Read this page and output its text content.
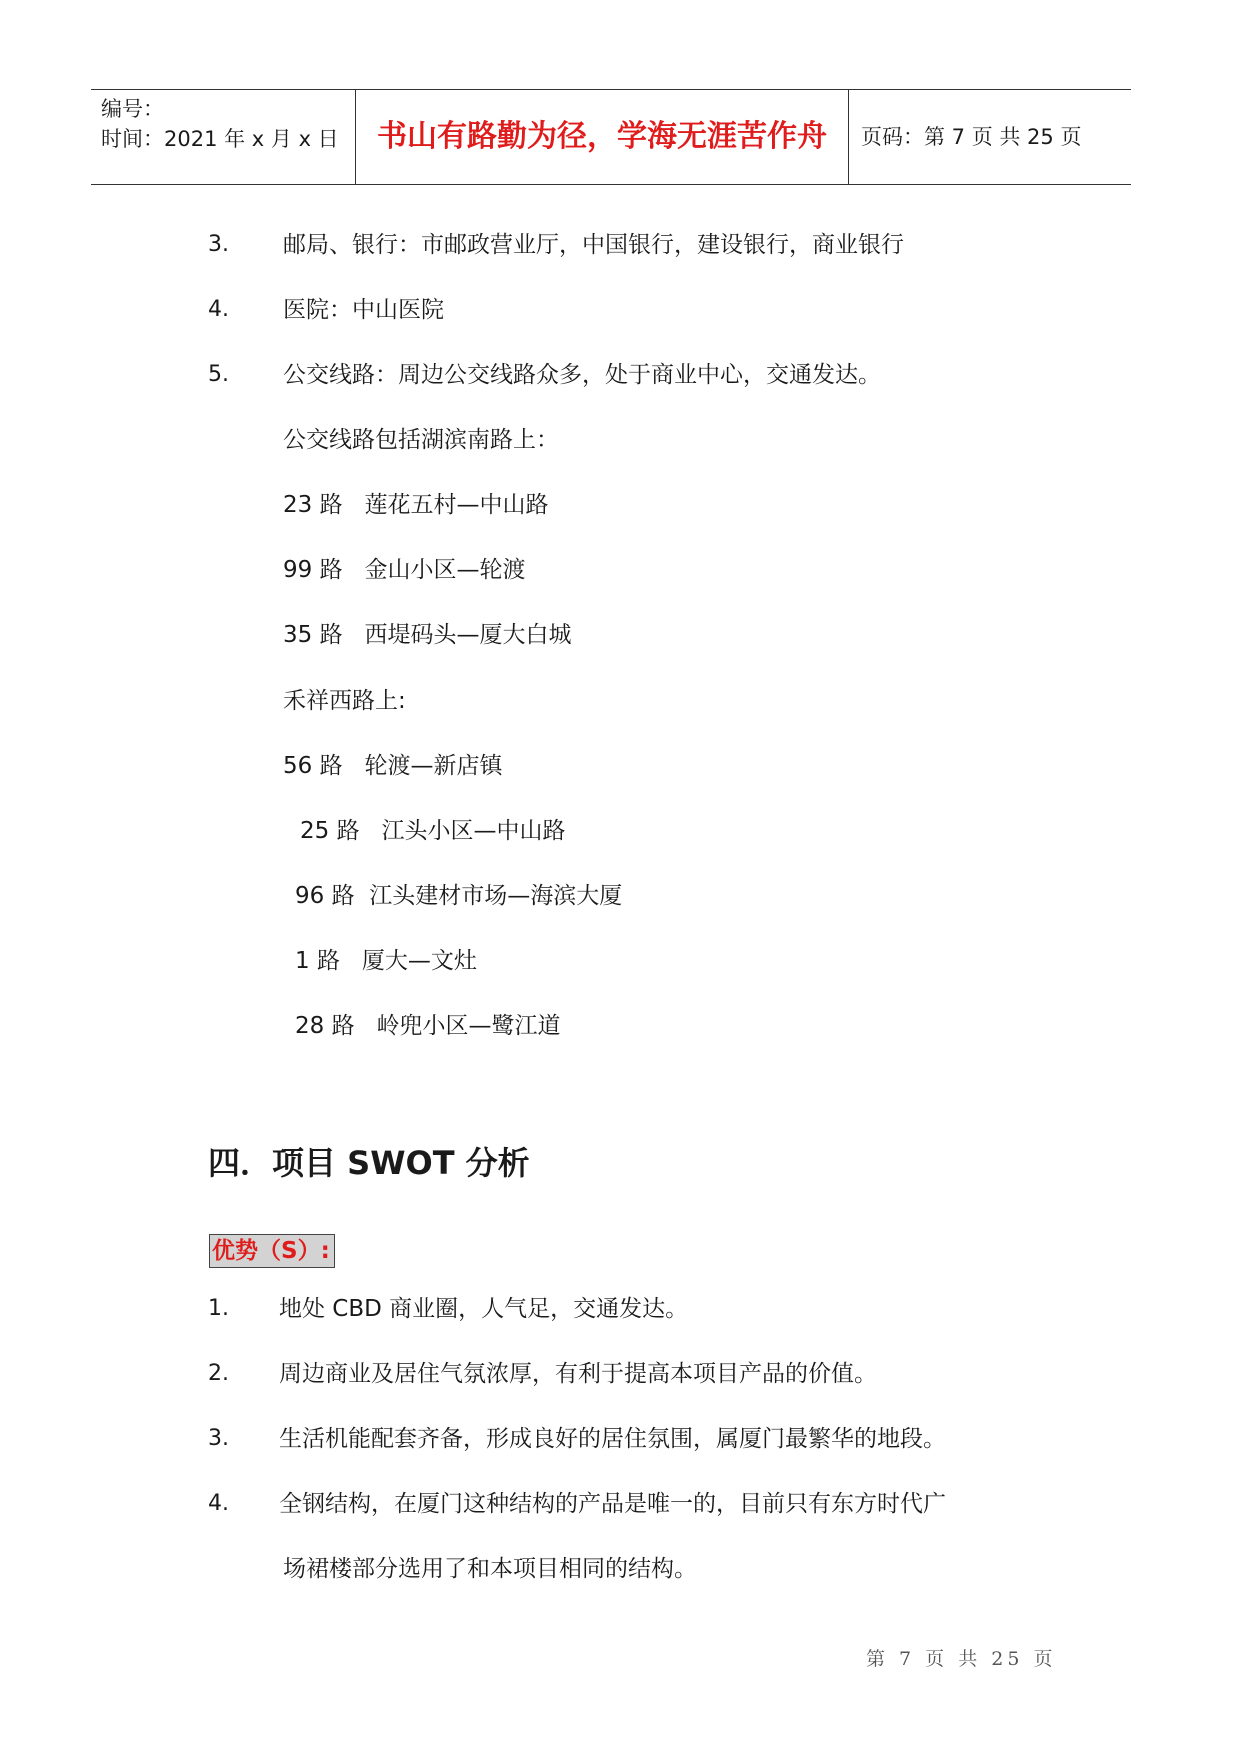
编号：
时间：2021 年 x 月 x 日	书山有路勤为径，学海无涯苦作舟	页码：第 7 页 共 25 页
3. 邮局、银行：市邮政营业厅，中国银行，建设银行，商业银行
4. 医院：中山医院
5. 公交线路：周边公交线路众多，处于商业中心，交通发达。
公交线路包括湖滨南路上：
23 路   莲花五村—中山路
99 路   金山小区—轮渡
35 路   西堤码头—厦大白城
禾祥西路上:
56 路   轮渡—新店镇
25 路   江头小区—中山路
96 路  江头建材市场—海滨大厦
1 路   厦大—文灶
28 路   岭兜小区—鹭江道
四．项目 SWOT 分析
优势（S）:
1. 地处 CBD 商业圈，人气足，交通发达。
2. 周边商业及居住气氛浓厚，有利于提高本项目产品的价值。
3. 生活机能配套齐备，形成良好的居住氛围，属厦门最繁华的地段。
4. 全钢结构，在厦门这种结构的产品是唯一的，目前只有东方时代广
场裙楼部分选用了和本项目相同的结构。
第 7 页 共 25 页
